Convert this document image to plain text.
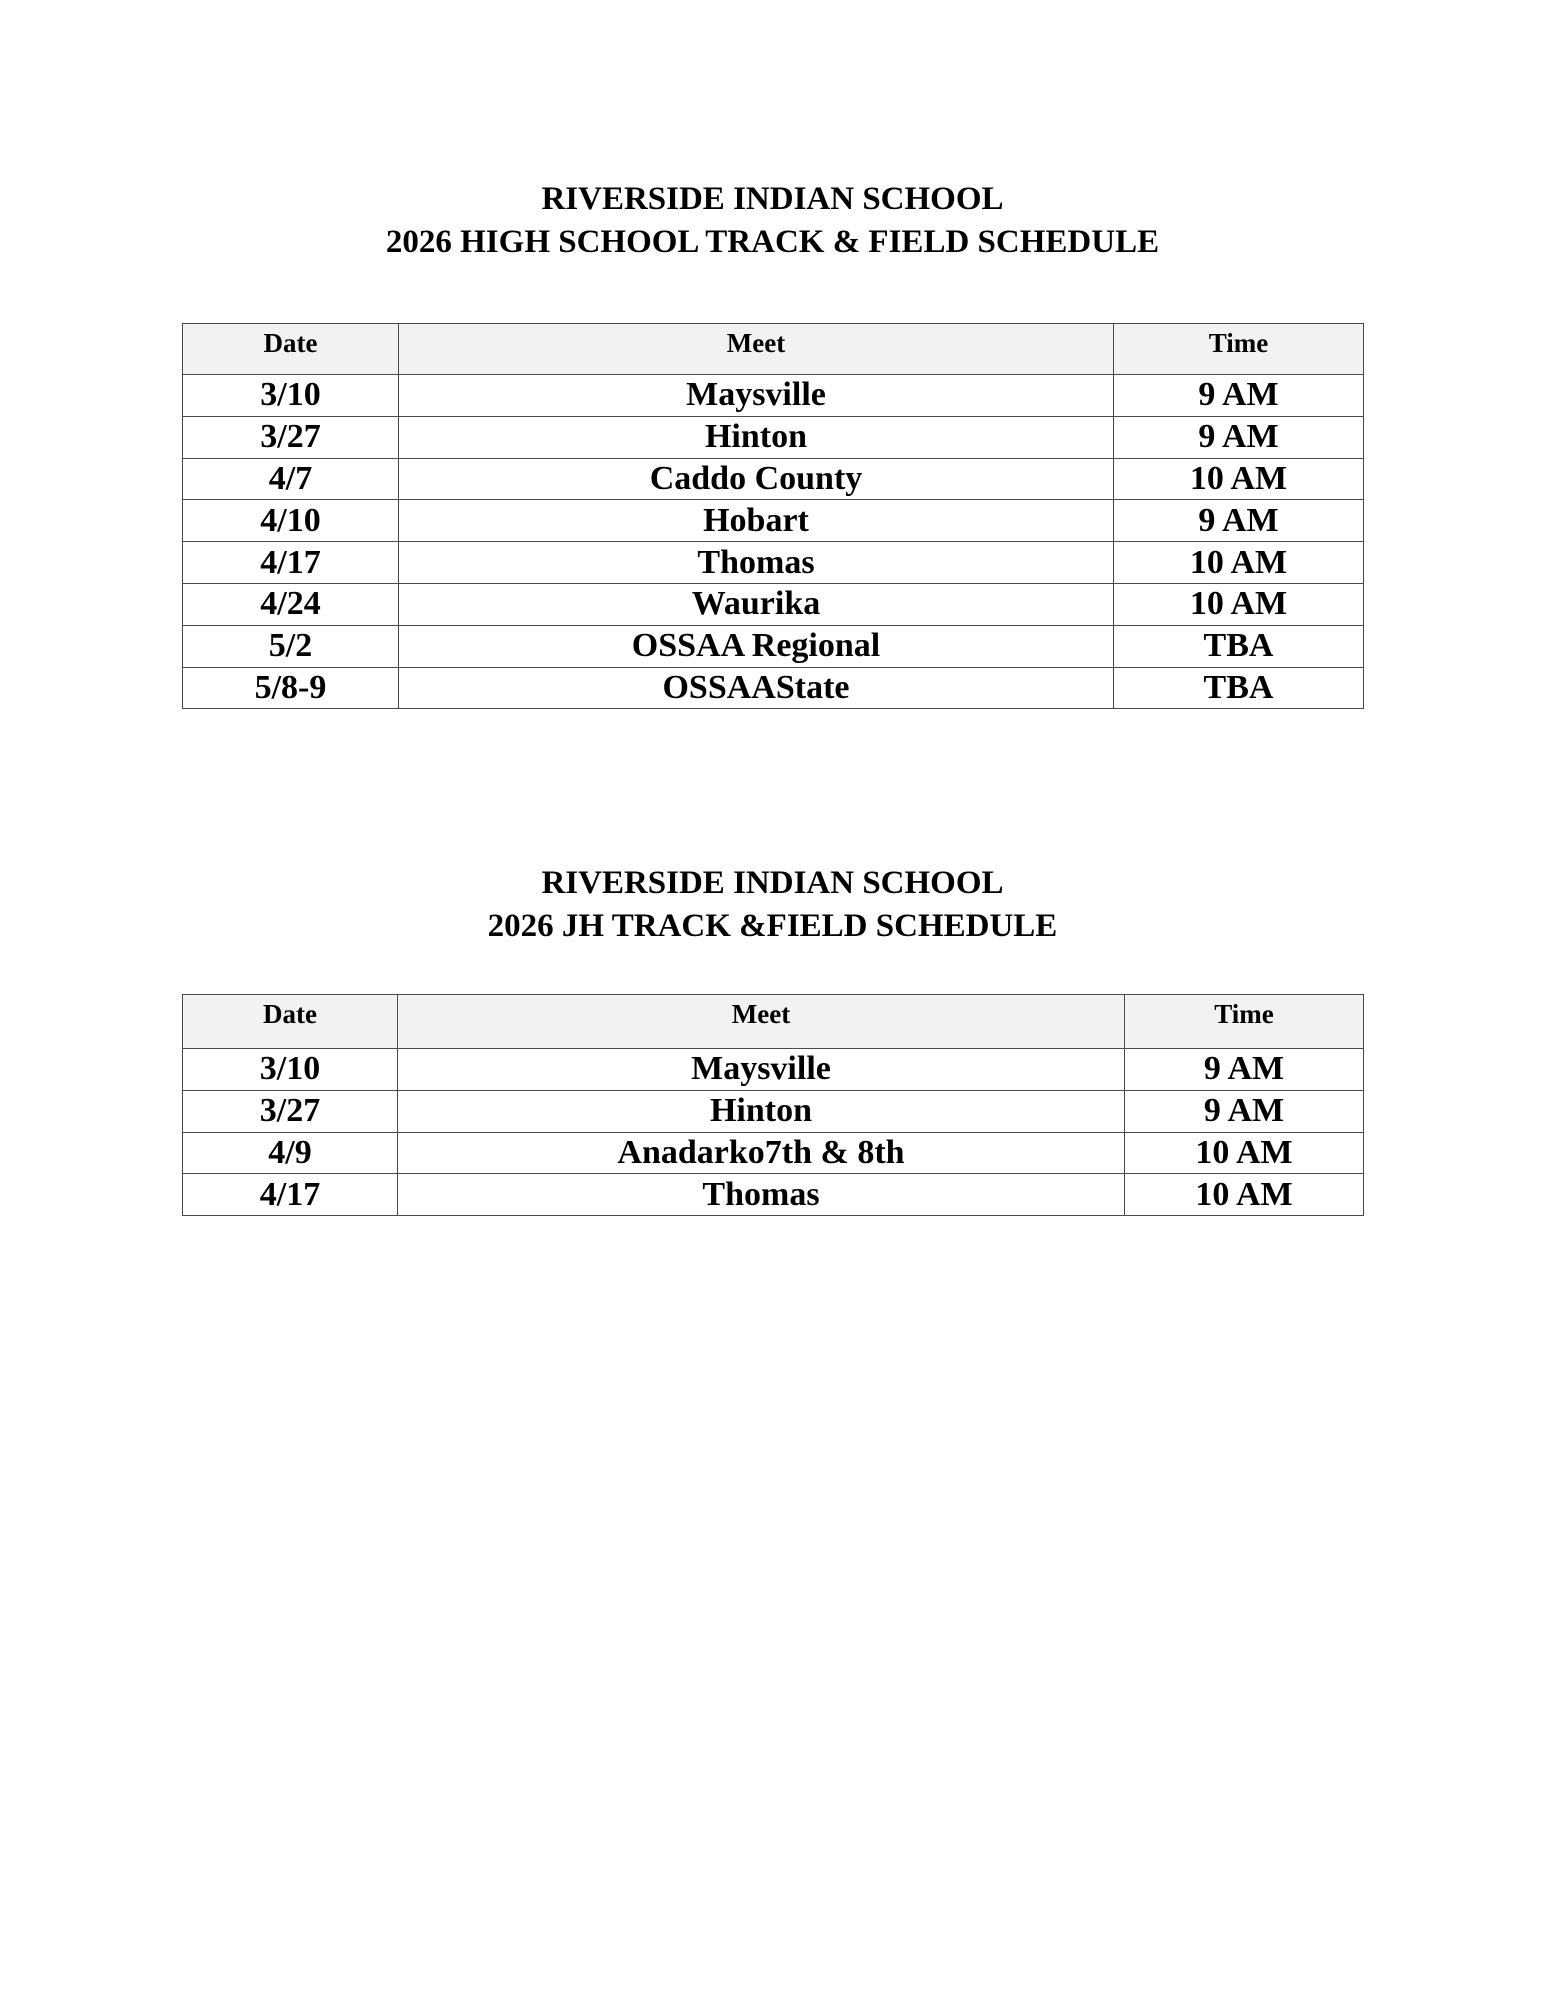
RIVERSIDE INDIAN SCHOOL
2026 HIGH SCHOOL TRACK & FIELD SCHEDULE
Date	Meet	Time
3/10	Maysville	9 AM
3/27	Hinton	9 AM
4/7	Caddo County	10 AM
4/10	Hobart	9 AM
4/17	Thomas	10 AM
4/24	Waurika	10 AM
5/2	OSSAA Regional	TBA
5/8-9	OSSAAState	TBA
RIVERSIDE INDIAN SCHOOL
2026 JH TRACK &FIELD SCHEDULE
Date	Meet	Time
3/10	Maysville	9 AM
3/27	Hinton	9 AM
4/9	Anadarko7th & 8th	10 AM
4/17	Thomas	10 AM
